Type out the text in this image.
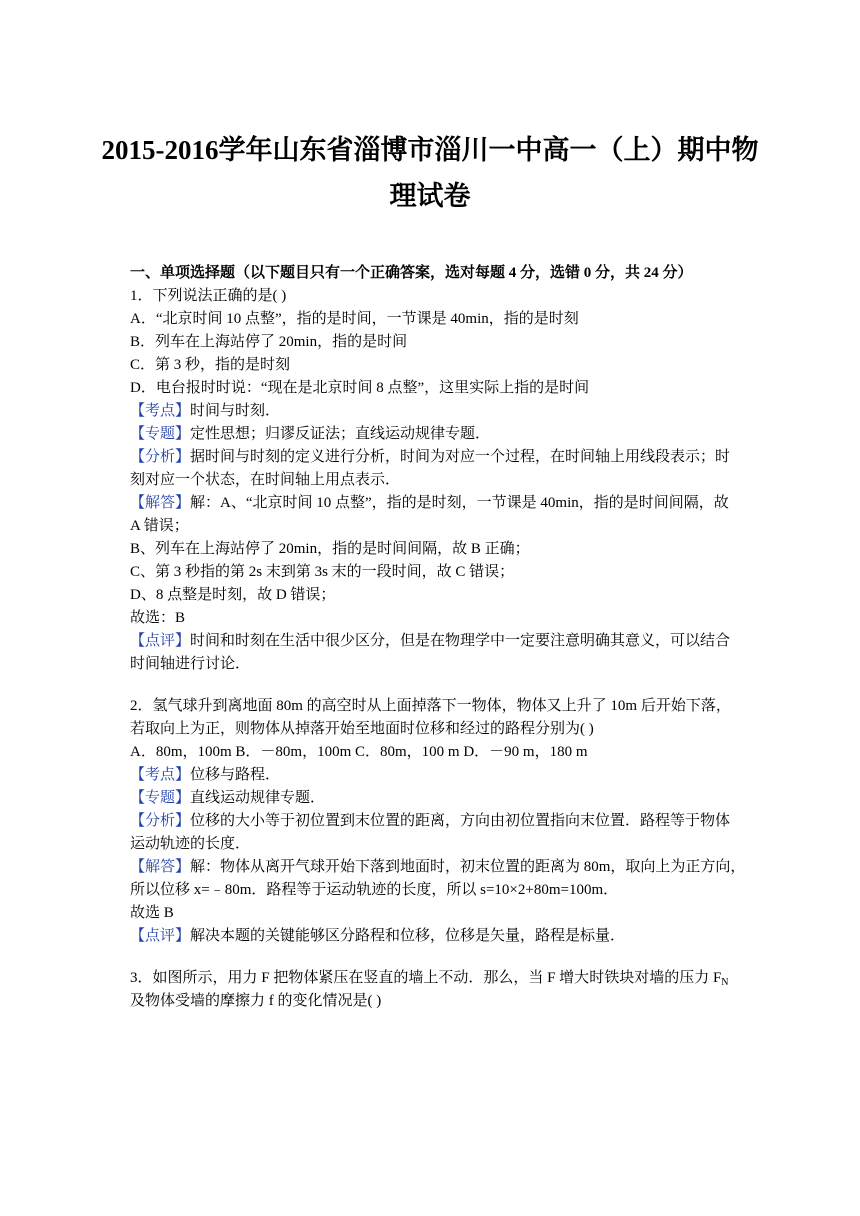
2015-2016学年山东省淄博市淄川一中高一（上）期中物
理试卷
一、单项选择题（以下题目只有一个正确答案，选对每题 4 分，选错 0 分，共 24 分）
1．下列说法正确的是( )
A．“北京时间 10 点整”，指的是时间，一节课是 40min，指的是时刻
B．列车在上海站停了 20min，指的是时间
C．第 3 秒，指的是时刻
D．电台报时时说：“现在是北京时间 8 点整”，这里实际上指的是时间
【考点】时间与时刻．
【专题】定性思想；归谬反证法；直线运动规律专题．
【分析】据时间与时刻的定义进行分析，时间为对应一个过程，在时间轴上用线段表示；时
刻对应一个状态，在时间轴上用点表示．
【解答】解：A、“北京时间 10 点整”，指的是时刻，一节课是 40min，指的是时间间隔，故
A 错误；
B、列车在上海站停了 20min，指的是时间间隔，故 B 正确；
C、第 3 秒指的第 2s 末到第 3s 末的一段时间，故 C 错误；
D、8 点整是时刻，故 D 错误；
故选：B
【点评】时间和时刻在生活中很少区分，但是在物理学中一定要注意明确其意义，可以结合
时间轴进行讨论．
2．氢气球升到离地面 80m 的高空时从上面掉落下一物体，物体又上升了 10m 后开始下落，
若取向上为正，则物体从掉落开始至地面时位移和经过的路程分别为( )
A．80m，100m B．－80m，100m C．80m，100 m D．－90 m，180 m
【考点】位移与路程．
【专题】直线运动规律专题．
【分析】位移的大小等于初位置到末位置的距离，方向由初位置指向末位置．路程等于物体
运动轨迹的长度．
【解答】解：物体从离开气球开始下落到地面时，初末位置的距离为 80m，取向上为正方向，
所以位移 x=﹣80m．路程等于运动轨迹的长度，所以 s=10×2+80m=100m．
故选 B
【点评】解决本题的关键能够区分路程和位移，位移是矢量，路程是标量．
3．如图所示，用力 F 把物体紧压在竖直的墙上不动．那么，当 F 增大时铁块对墙的压力 $F_N$
及物体受墙的摩擦力 f 的变化情况是( )
